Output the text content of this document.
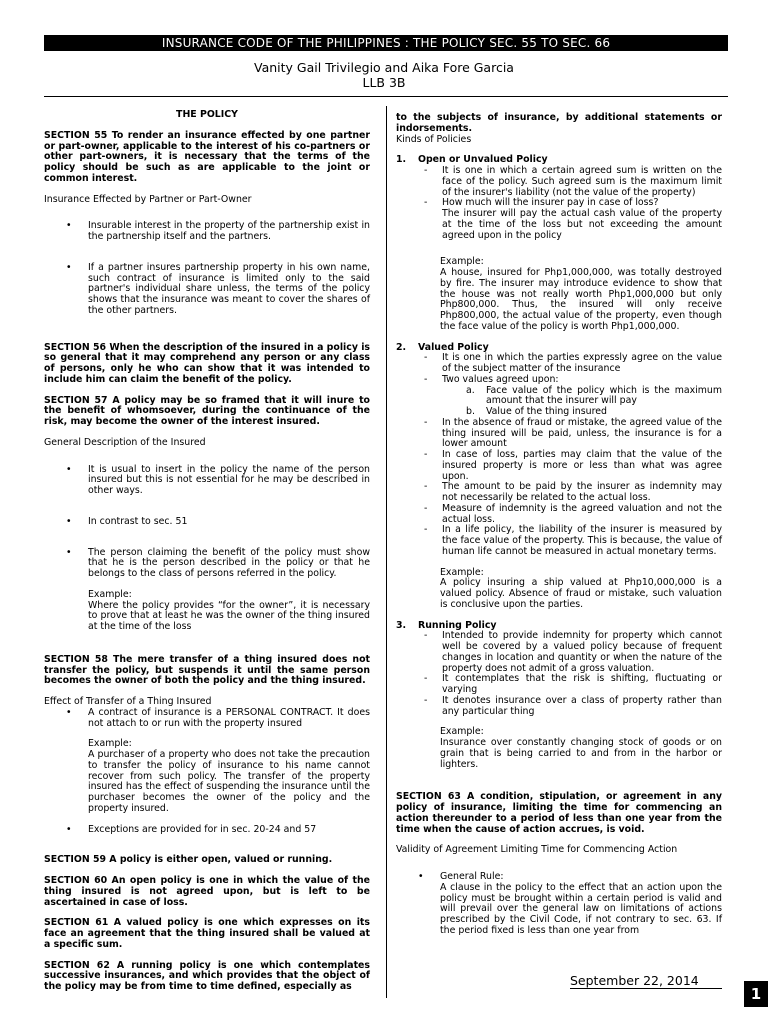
INSURANCE CODE OF THE PHILIPPINES : THE POLICY SEC. 55 TO SEC. 66
Vanity Gail Trivilegio and Aika Fore Garcia
LLB 3B
THE POLICY
SECTION 55 To render an insurance effected by one partner or part-owner, applicable to the interest of his co-partners or other part-owners, it is necessary that the terms of the policy should be such as are applicable to the joint or common interest.
Insurance Effected by Partner or Part-Owner
• Insurable interest in the property of the partnership exist in the partnership itself and the partners.
• If a partner insures partnership property in his own name, such contract of insurance is limited only to the said partner's individual share unless, the terms of the policy shows that the insurance was meant to cover the shares of the other partners.
SECTION 56 When the description of the insured in a policy is so general that it may comprehend any person or any class of persons, only he who can show that it was intended to include him can claim the benefit of the policy.
SECTION 57 A policy may be so framed that it will inure to the benefit of whomsoever, during the continuance of the risk, may become the owner of the interest insured.
General Description of the Insured
• It is usual to insert in the policy the name of the person insured but this is not essential for he may be described in other ways.
• In contrast to sec. 51
• The person claiming the benefit of the policy must show that he is the person described in the policy or that he belongs to the class of persons referred in the policy.
Example:
Where the policy provides “for the owner”, it is necessary to prove that at least he was the owner of the thing insured at the time of the loss
SECTION 58 The mere transfer of a thing insured does not transfer the policy, but suspends it until the same person becomes the owner of both the policy and the thing insured.
Effect of Transfer of a Thing Insured
• A contract of insurance is a PERSONAL CONTRACT. It does not attach to or run with the property insured
Example:
A purchaser of a property who does not take the precaution to transfer the policy of insurance to his name cannot recover from such policy. The transfer of the property insured has the effect of suspending the insurance until the purchaser becomes the owner of the policy and the property insured.
• Exceptions are provided for in sec. 20-24 and 57
SECTION 59 A policy is either open, valued or running.
SECTION 60 An open policy is one in which the value of the thing insured is not agreed upon, but is left to be ascertained in case of loss.
SECTION 61 A valued policy is one which expresses on its face an agreement that the thing insured shall be valued at a specific sum.
SECTION 62 A running policy is one which contemplates successive insurances, and which provides that the object of the policy may be from time to time defined, especially as
to the subjects of insurance, by additional statements or indorsements.
Kinds of Policies
1. Open or Unvalued Policy
- It is one in which a certain agreed sum is written on the face of the policy. Such agreed sum is the maximum limit of the insurer's liability (not the value of the property)
- How much will the insurer pay in case of loss?
The insurer will pay the actual cash value of the property at the time of the loss but not exceeding the amount agreed upon in the policy
Example:
A house, insured for Php1,000,000, was totally destroyed by fire. The insurer may introduce evidence to show that the house was not really worth Php1,000,000 but only Php800,000. Thus, the insured will only receive Php800,000, the actual value of the property, even though the face value of the policy is worth Php1,000,000.
2. Valued Policy
- It is one in which the parties expressly agree on the value of the subject matter of the insurance
- Two values agreed upon:
a. Face value of the policy which is the maximum amount that the insurer will pay
b. Value of the thing insured
- In the absence of fraud or mistake, the agreed value of the thing insured will be paid, unless, the insurance is for a lower amount
- In case of loss, parties may claim that the value of the insured property is more or less than what was agree upon.
- The amount to be paid by the insurer as indemnity may not necessarily be related to the actual loss.
- Measure of indemnity is the agreed valuation and not the actual loss.
- In a life policy, the liability of the insurer is measured by the face value of the property. This is because, the value of human life cannot be measured in actual monetary terms.
Example:
A policy insuring a ship valued at Php10,000,000 is a valued policy. Absence of fraud or mistake, such valuation is conclusive upon the parties.
3. Running Policy
- Intended to provide indemnity for property which cannot well be covered by a valued policy because of frequent changes in location and quantity or when the nature of the property does not admit of a gross valuation.
- It contemplates that the risk is shifting, fluctuating or varying
- It denotes insurance over a class of property rather than any particular thing
Example:
Insurance over constantly changing stock of goods or on grain that is being carried to and from in the harbor or lighters.
SECTION 63 A condition, stipulation, or agreement in any policy of insurance, limiting the time for commencing an action thereunder to a period of less than one year from the time when the cause of action accrues, is void.
Validity of Agreement Limiting Time for Commencing Action
• General Rule:
A clause in the policy to the effect that an action upon the policy must be brought within a certain period is valid and will prevail over the general law on limitations of actions prescribed by the Civil Code, if not contrary to sec. 63. If the period fixed is less than one year from
September 22, 2014
1
